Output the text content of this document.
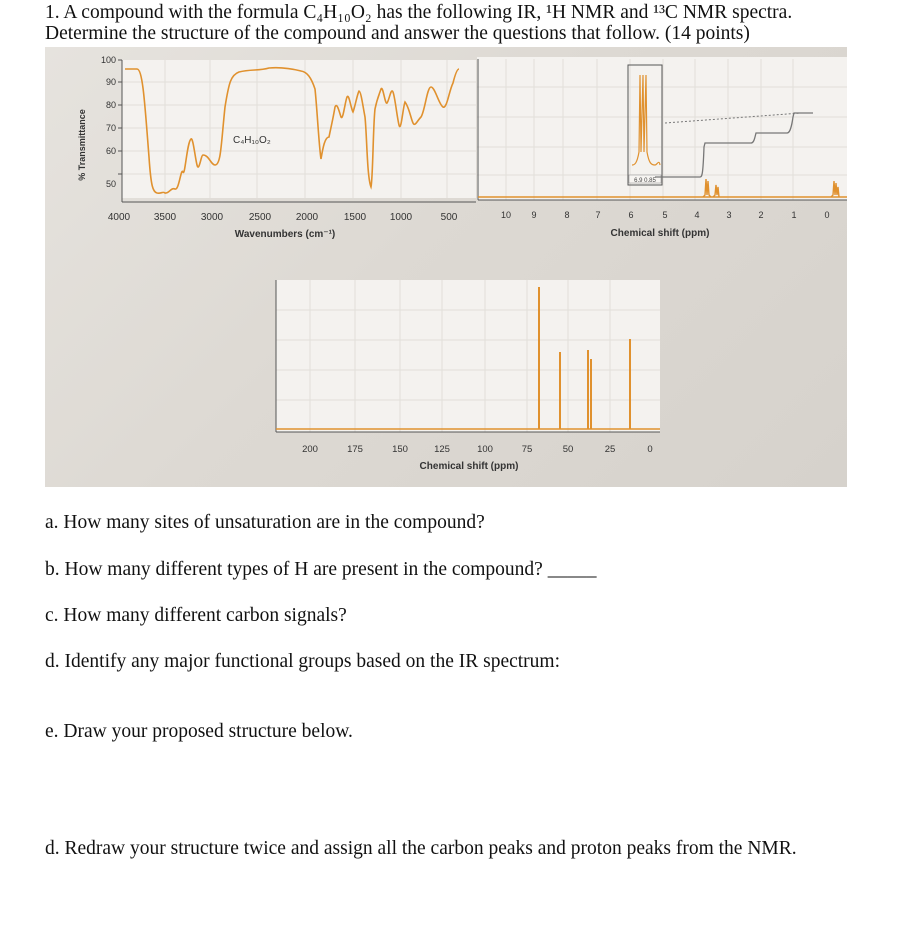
1. A compound with the formula C₄H₁₀O₂ has the following IR, ¹H NMR and ¹³C NMR spectra.
Determine the structure of the compound and answer the questions that follow. (14 points)

100
90
80
70
60
50
% Transmittance
4000 3500 3000	2500 2000	1500 1000	500
Wavenumbers (cm⁻¹)
C₄H₁₀O₂
6.9 0.85
10 9	8	7	6	5	4	3	2	1	0
Chemical shift (ppm)
200	175	150	125	100	75	50	25	0
Chemical shift (ppm)

a. How many sites of unsaturation are in the compound?

b. How many different types of H are present in the compound? _____

c. How many different carbon signals?

d. Identify any major functional groups based on the IR spectrum:

e. Draw your proposed structure below.

d. Redraw your structure twice and assign all the carbon peaks and proton peaks from the NMR.
